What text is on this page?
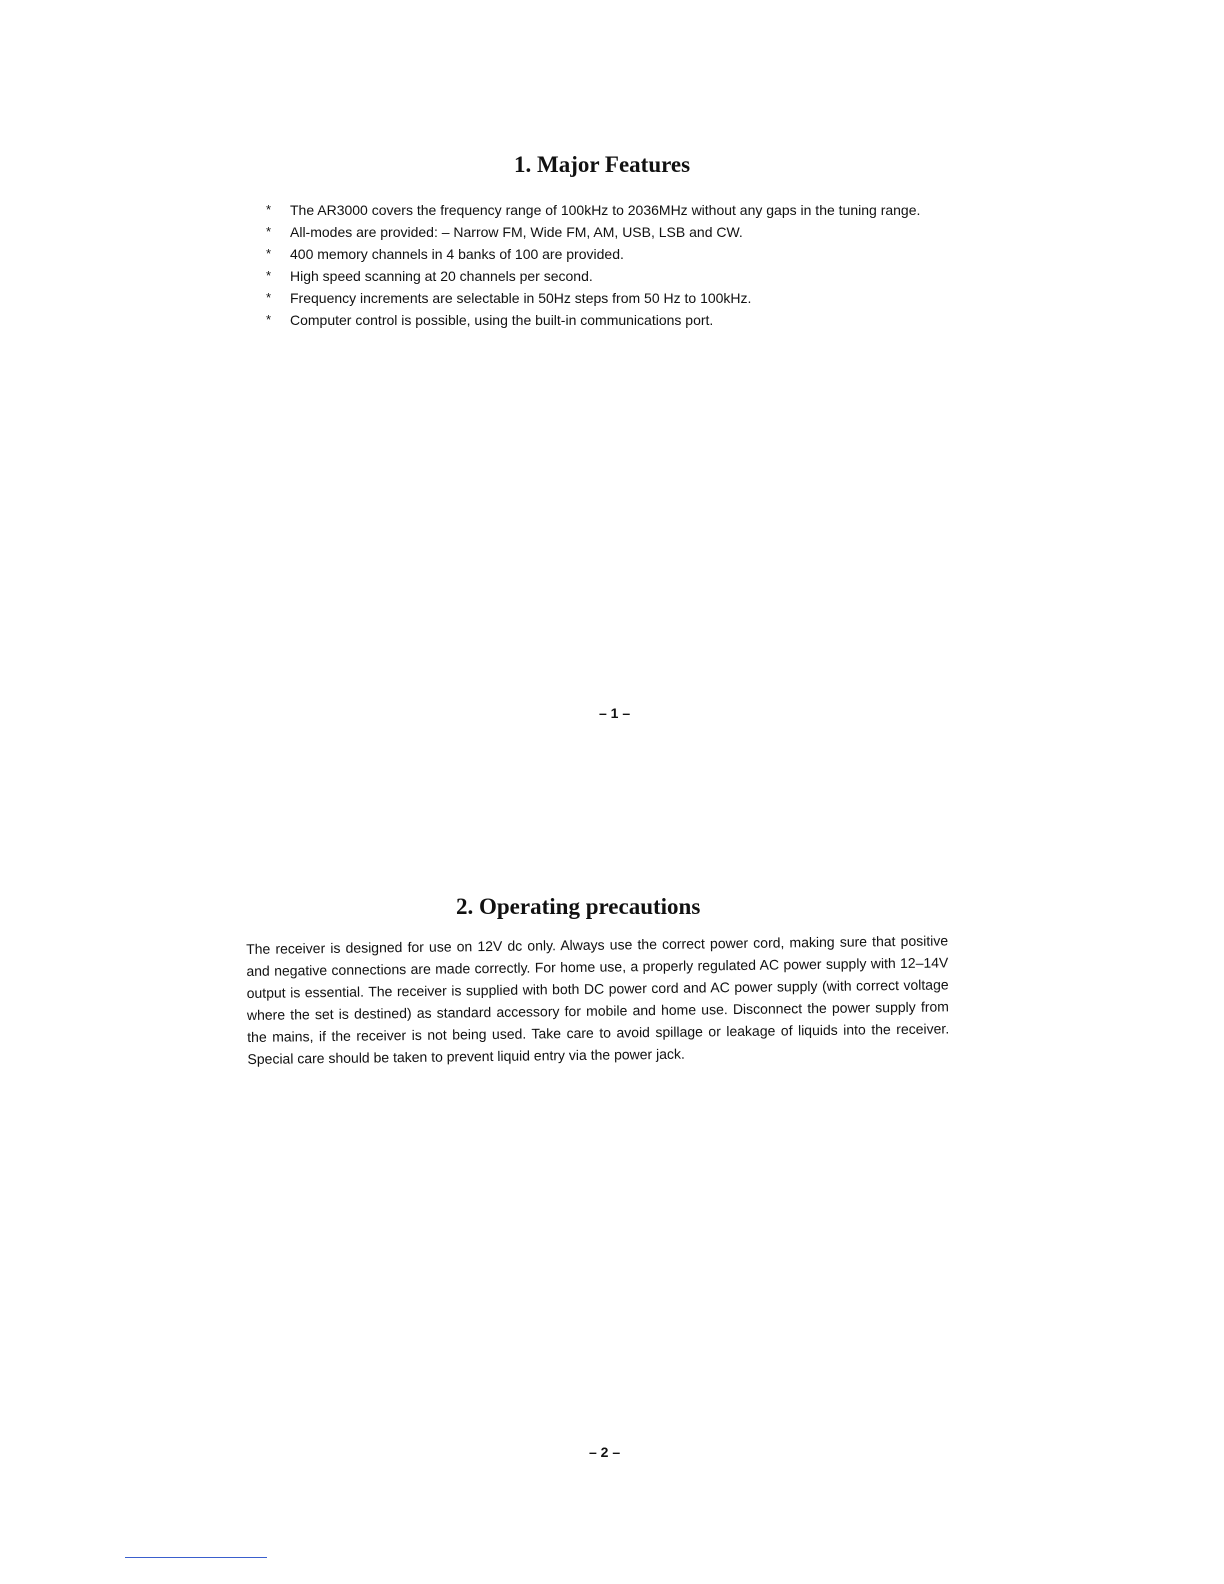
1. Major Features
* The AR3000 covers the frequency range of 100kHz to 2036MHz without any gaps in the tuning range.
* All-modes are provided: – Narrow FM, Wide FM, AM, USB, LSB and CW.
* 400 memory channels in 4 banks of 100 are provided.
* High speed scanning at 20 channels per second.
* Frequency increments are selectable in 50Hz steps from 50 Hz to 100kHz.
* Computer control is possible, using the built-in communications port.
– 1 –
2. Operating precautions

The receiver is designed for use on 12V dc only. Always use the correct power cord, making sure that positive and negative connections are made correctly. For home use, a properly regulated AC power supply with 12–14V output is essential. The receiver is supplied with both DC power cord and AC power supply (with correct voltage where the set is destined) as standard accessory for mobile and home use. Disconnect the power supply from the mains, if the receiver is not being used. Take care to avoid spillage or leakage of liquids into the receiver. Special care should be taken to prevent liquid entry via the power jack.

– 2 –
